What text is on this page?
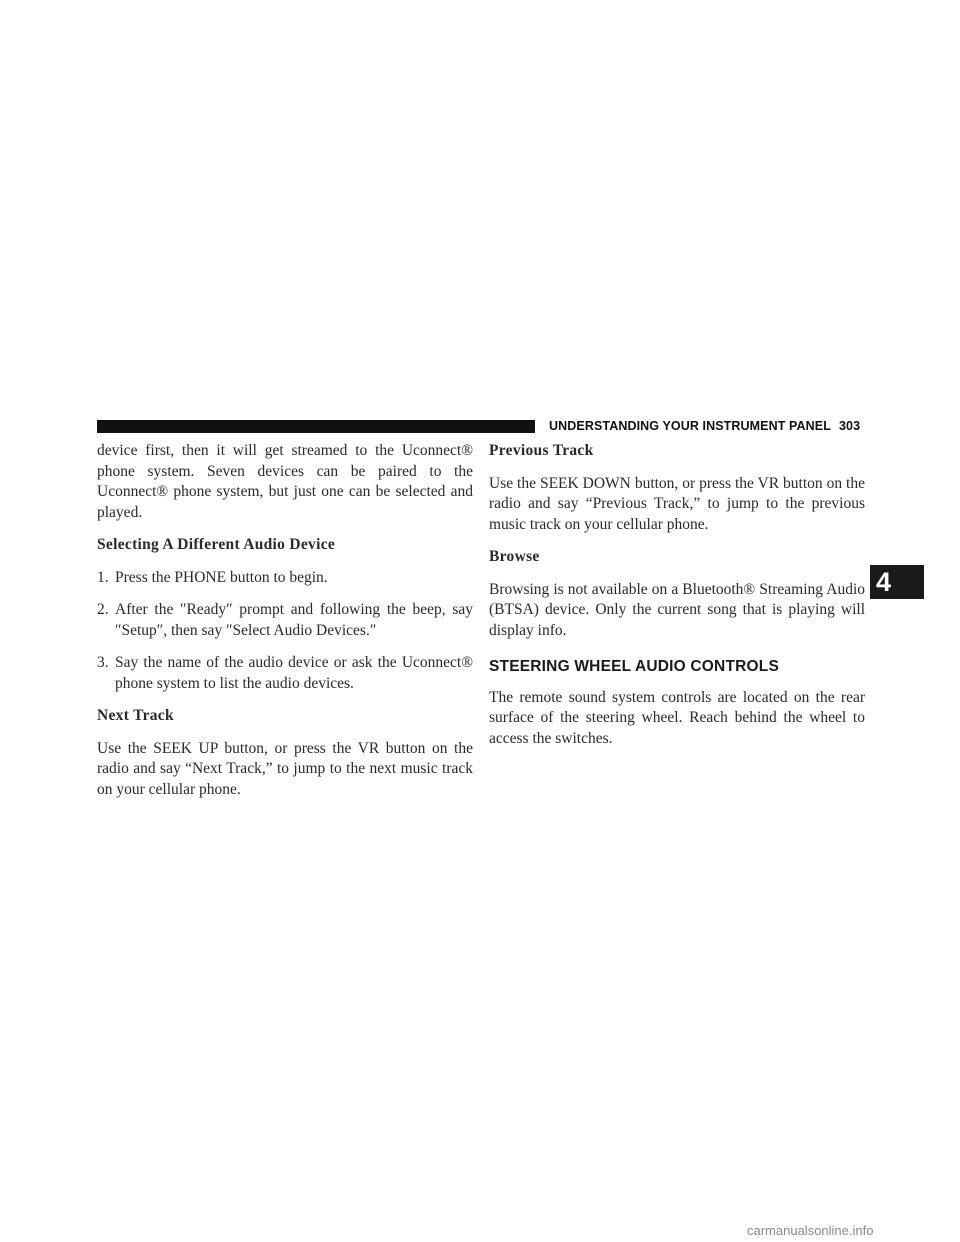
UNDERSTANDING YOUR INSTRUMENT PANEL 303

device first, then it will get streamed to the Uconnect® phone system. Seven devices can be paired to the Uconnect® phone system, but just one can be selected and played.

Selecting A Different Audio Device
1. Press the PHONE button to begin.
2. After the ″Ready″ prompt and following the beep, say ″Setup″, then say ″Select Audio Devices.″
3. Say the name of the audio device or ask the Uconnect® phone system to list the audio devices.
Next Track

Use the SEEK UP button, or press the VR button on the radio and say “Next Track,” to jump to the next music track on your cellular phone.

Previous Track

Use the SEEK DOWN button, or press the VR button on the radio and say “Previous Track,” to jump to the previous music track on your cellular phone.

Browse

Browsing is not available on a Bluetooth® Streaming Audio (BTSA) device. Only the current song that is playing will display info.

STEERING WHEEL AUDIO CONTROLS

The remote sound system controls are located on the rear surface of the steering wheel. Reach behind the wheel to access the switches.

4
carmanualsonline.info
